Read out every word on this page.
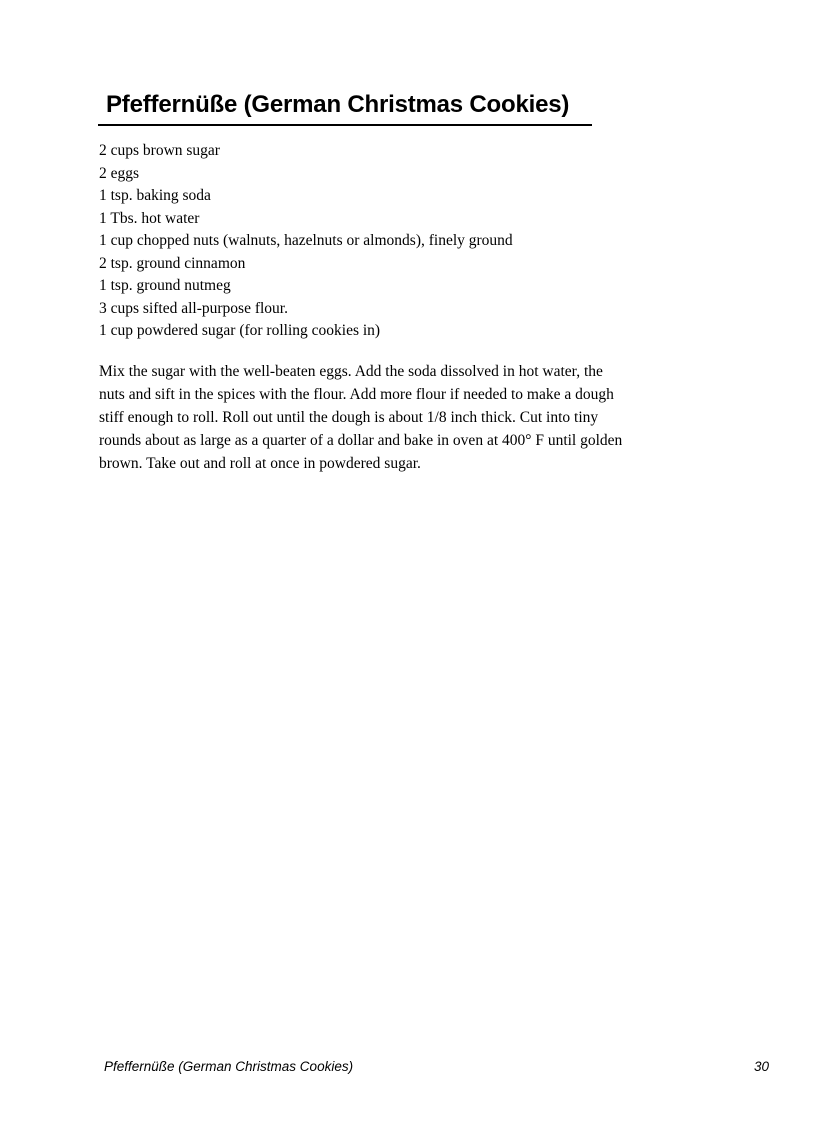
Pfeffernüße (German Christmas Cookies)
2 cups brown sugar
2 eggs
1 tsp. baking soda
1 Tbs. hot water
1 cup chopped nuts (walnuts, hazelnuts or almonds), finely ground
2 tsp. ground cinnamon
1 tsp. ground nutmeg
3 cups sifted all-purpose flour.
1 cup powdered sugar (for rolling cookies in)

Mix the sugar with the well-beaten eggs. Add the soda dissolved in hot water, the
nuts and sift in the spices with the flour. Add more flour if needed to make a dough
stiff enough to roll. Roll out until the dough is about 1/8 inch thick. Cut into tiny
rounds about as large as a quarter of a dollar and bake in oven at 400° F until golden
brown. Take out and roll at once in powdered sugar.

Pfeffernüße (German Christmas Cookies)	30
